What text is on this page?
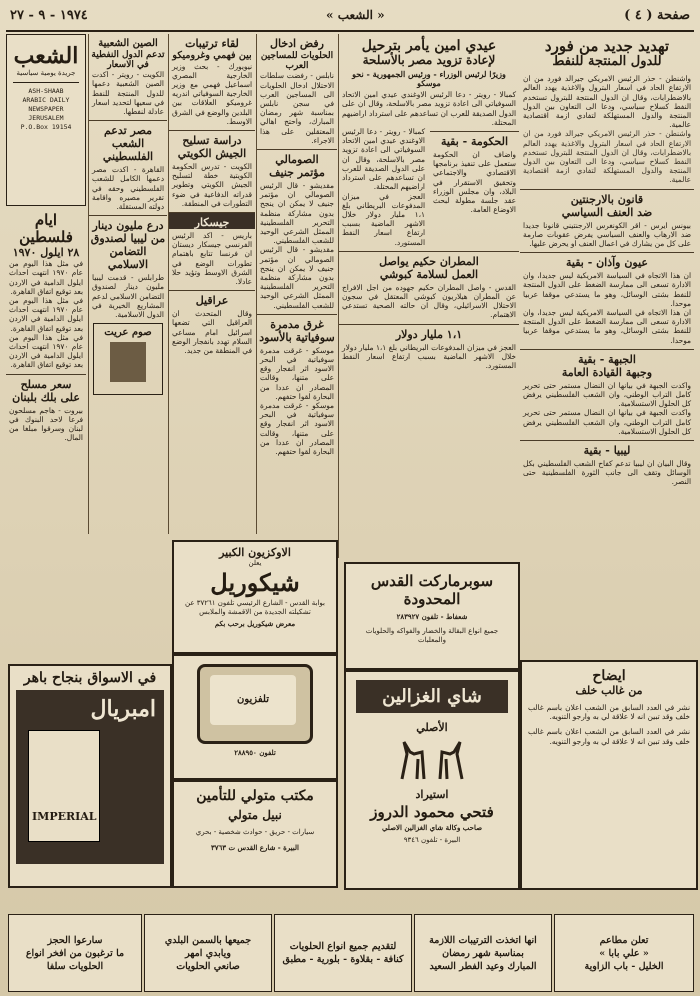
١٩٧٤ - ٩ - ٢٧	« الشعب »	صفحة ( ٤ )
تهديد جديد من فورد
للدول المنتجة للنفط

واشنطن - حذر الرئيس الامريكي جيرالد فورد من ان الارتفاع الحاد في اسعار البترول والاغذية يهدد العالم بالاضطرابات، وقال ان الدول المنتجة للبترول تستخدم النفط كسلاح سياسي، ودعا الى التعاون بين الدول المنتجة والدول المستهلكة لتفادي ازمة اقتصادية عالمية.

واشنطن - حذر الرئيس الامريكي جيرالد فورد من ان الارتفاع الحاد في اسعار البترول والاغذية يهدد العالم بالاضطرابات، وقال ان الدول المنتجة للبترول تستخدم النفط كسلاح سياسي، ودعا الى التعاون بين الدول المنتجة والدول المستهلكة لتفادي ازمة اقتصادية عالمية.

قانون بالارجنتين
ضد العنف السياسي

بيونس ايرس - اقر الكونغرس الارجنتيني قانونا جديدا ضد الارهاب والعنف السياسي يفرض عقوبات صارمة على كل من يشارك في اعمال العنف او يحرض عليها.

عيون وآذان - بقية

ان هذا الاتجاه في السياسة الامريكية ليس جديدا، وان الادارة تسعى الى ممارسة الضغط على الدول المنتجة للنفط بشتى الوسائل، وهو ما يستدعي موقفا عربيا موحدا.

ان هذا الاتجاه في السياسة الامريكية ليس جديدا، وان الادارة تسعى الى ممارسة الضغط على الدول المنتجة للنفط بشتى الوسائل، وهو ما يستدعي موقفا عربيا موحدا.

الجبهة - بقية
وجبهة القيادة العامة

واكدت الجبهة في بيانها ان النضال مستمر حتى تحرير كامل التراب الوطني، وان الشعب الفلسطيني يرفض كل الحلول الاستسلامية.

واكدت الجبهة في بيانها ان النضال مستمر حتى تحرير كامل التراب الوطني، وان الشعب الفلسطيني يرفض كل الحلول الاستسلامية.

ليبيا - بقية

وقال البيان ان ليبيا تدعم كفاح الشعب الفلسطيني بكل الوسائل وتقف الى جانب الثورة الفلسطينية حتى النصر.

عيدي امين يأمر بترحيل
لإعادة تزويد مصر بالأسلحة
وزيرًا لرئيس الوزراء - ورئيس الجمهورية - نحو موسكو

كمبالا - رويتر - دعا الرئيس الاوغندي عيدي امين الاتحاد السوفياتي الى اعادة تزويد مصر بالاسلحة، وقال ان على الدول الصديقة للعرب ان تساعدهم على استرداد اراضيهم المحتلة.

كمبالا - رويتر - دعا الرئيس الاوغندي عيدي امين الاتحاد السوفياتي الى اعادة تزويد مصر بالاسلحة، وقال ان على الدول الصديقة للعرب ان تساعدهم على استرداد اراضيهم المحتلة.

العجز في ميزان المدفوعات البريطاني بلغ ١،١ مليار دولار خلال الاشهر الماضية بسبب ارتفاع اسعار النفط المستورد.

الحكومة - بقية

واضاف ان الحكومة ستعمل على تنفيذ برنامجها الاقتصادي والاجتماعي وتحقيق الاستقرار في البلاد، وان مجلس الوزراء عقد جلسة مطولة لبحث الاوضاع العامة.

المطران حكيم يواصل
العمل لسلامة كبوشي

القدس - واصل المطران حكيم جهوده من اجل الافراج عن المطران هيلاريون كبوشي المعتقل في سجون الاحتلال الاسرائيلي، وقال ان حالته الصحية تستدعي الاهتمام.

١،١ مليار دولار

العجز في ميزان المدفوعات البريطاني بلغ ١،١ مليار دولار خلال الاشهر الماضية بسبب ارتفاع اسعار النفط المستورد.

رفض ادخال
الحلويات للمساجين العرب

نابلس - رفضت سلطات الاحتلال ادخال الحلويات الى المساجين العرب في سجن نابلس بمناسبة شهر رمضان المبارك، واحتج اهالي المعتقلين على هذا الاجراء.

الصومالي
مؤتمر جنيف

مقديشو - قال الرئيس الصومالي ان مؤتمر جنيف لا يمكن ان ينجح بدون مشاركة منظمة التحرير الفلسطينية الممثل الشرعي الوحيد للشعب الفلسطيني.

مقديشو - قال الرئيس الصومالي ان مؤتمر جنيف لا يمكن ان ينجح بدون مشاركة منظمة التحرير الفلسطينية الممثل الشرعي الوحيد للشعب الفلسطيني.

غرق مدمرة
سوفياتية بالأسود

موسكو - غرقت مدمرة سوفياتية في البحر الاسود اثر انفجار وقع على متنها، وقالت المصادر ان عددا من البحارة لقوا حتفهم.

موسكو - غرقت مدمرة سوفياتية في البحر الاسود اثر انفجار وقع على متنها، وقالت المصادر ان عددا من البحارة لقوا حتفهم.

لقاء ترتيبات
بين فهمي وغروميكو

نيويورك - بحث وزير الخارجية المصري اسماعيل فهمي مع وزير الخارجية السوفياتي اندريه غروميكو العلاقات بين البلدين والوضع في الشرق الاوسط.

دراسة تسليح
الجيش الكويتي

الكويت - تدرس الحكومة الكويتية خطة لتسليح الجيش الكويتي وتطوير قدراته الدفاعية في ضوء التطورات في المنطقة.

جيسكار

باريس - اكد الرئيس الفرنسي جيسكار ديستان ان فرنسا تتابع باهتمام تطورات الوضع في الشرق الاوسط وتؤيد حلا عادلا.

عراقيل

وقال المتحدث ان العراقيل التي تضعها اسرائيل امام مساعي السلام تهدد بانفجار الوضع في المنطقة من جديد.

الصين الشعبية
تدعم الدول النفطية
في الاسعار

الكويت - رويتر - اكدت الصين الشعبية دعمها للدول المنتجة للنفط في سعيها لتحديد اسعار عادلة لنفطها.

مصر تدعم
الشعب الفلسطيني

القاهرة - اكدت مصر دعمها الكامل للشعب الفلسطيني وحقه في تقرير مصيره واقامة دولته المستقلة.

درع مليون دينار
من ليبيا لصندوق
التضامن الاسلامي

طرابلس - قدمت ليبيا مليون دينار لصندوق التضامن الاسلامي لدعم المشاريع الخيرية في الدول الاسلامية.

صوم عريت
الشعب
جريدة يومية سياسية
ASH-SHAAB
ARABIC DAILY
NEWSPAPER
JERUSALEM
P.O.Box 19154
ايام فلسطين
٢٨ ايلول ١٩٧٠

في مثل هذا اليوم من عام ١٩٧٠ انتهت احداث ايلول الدامية في الاردن بعد توقيع اتفاق القاهرة.

في مثل هذا اليوم من عام ١٩٧٠ انتهت احداث ايلول الدامية في الاردن بعد توقيع اتفاق القاهرة.

في مثل هذا اليوم من عام ١٩٧٠ انتهت احداث ايلول الدامية في الاردن بعد توقيع اتفاق القاهرة.

سعر مسلح
على بلك بلبنان

بيروت - هاجم مسلحون فرعا لاحد البنوك في لبنان وسرقوا مبلغا من المال.

الاوكزيون الكبير
يعلن
شيكوريل
بوابة القدس - الشارع الرئيسي تلفون ٣٧٢٦١ عن تشكيلته الجديدة من الاقمشة والملابس
معرض شيكوريل برحب بكم
تلفزيون
تلفون ٢٨٨٩٥٠
مكتب متولي للتأمين
نبيل متولي
سيارات - حريق - حوادث شخصية - بحري
البيرة - شارع القدس ت ٣٧٦٣
سوبرماركت القدس المحدودة
شعفاط - تلفون ٢٨٣٩٢٧
جميع انواع البقالة والخضار والفواكه والحلويات والمعلبات
شاي الغزالين
الأصلي
استيراد
فتحي محمود الدروز
صاحب وكالة شاي الغزالين الاصلي
البيرة - تلفون ٩٣٤٦
في الاسواق بنجاح باهر
امبريال
IMPERIAL
ايضاح
من غالب خلف

نشر في العدد السابق من الشعب اعلان باسم غالب خلف وقد تبين انه لا علاقة لي به وارجو التنويه.

نشر في العدد السابق من الشعب اعلان باسم غالب خلف وقد تبين انه لا علاقة لي به وارجو التنويه.

تعلن مطاعم
« علي بابا »
الخليل - باب الزاوية
انها اتخذت الترتيبات اللازمة
بمناسبة شهر رمضان
المبارك وعيد الفطر السعيد
لتقديم جميع انواع الحلويات
كنافة - بقلاوة - بلورية - مطبق
جميعها بالسمن البلدي
ويابدي امهر
صانعي الحلويات
سارعوا الحجز
ما ترغبون من افخر انواع
الحلويات سلفا
